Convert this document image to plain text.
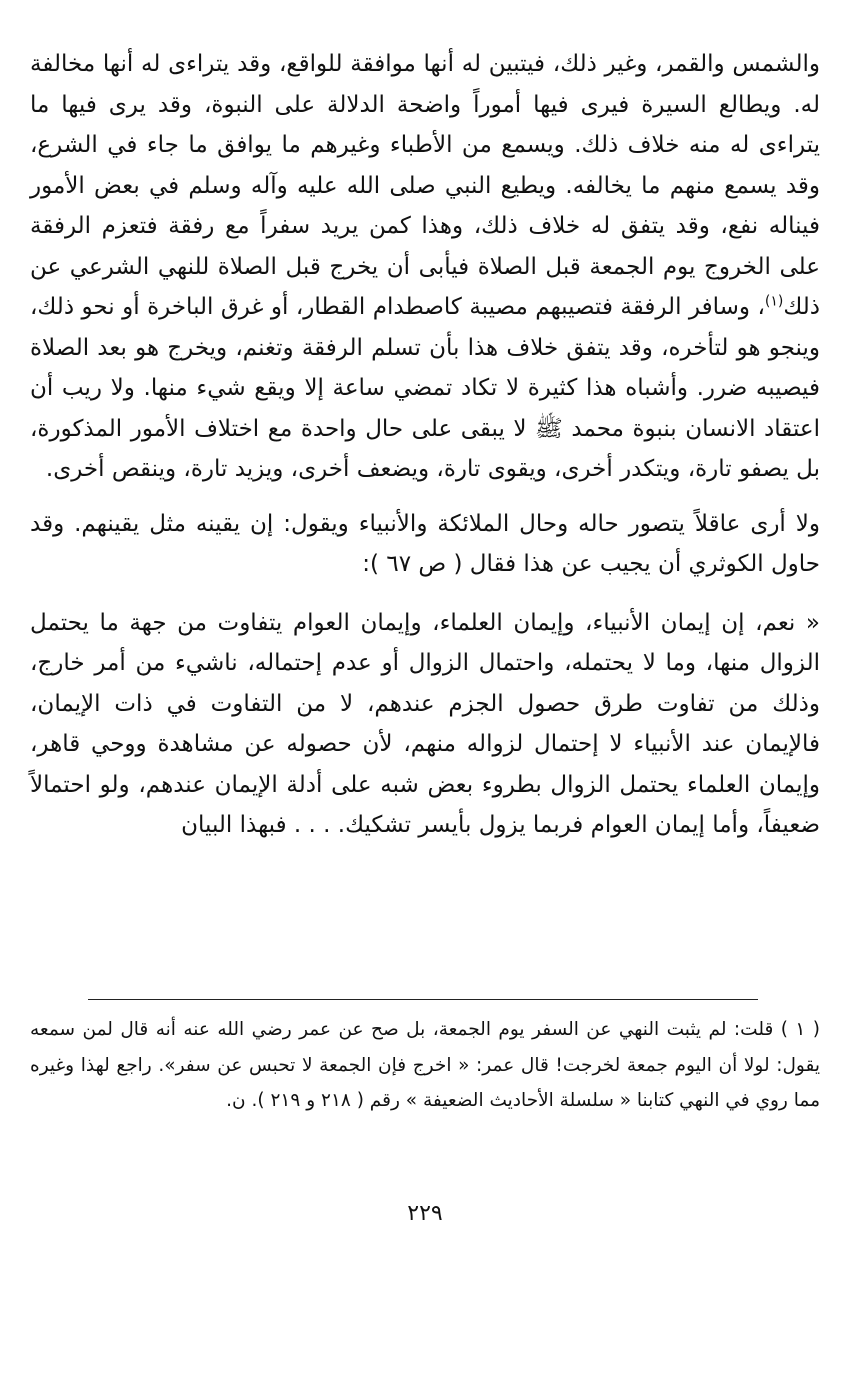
والشمس والقمر، وغير ذلك، فيتبين له أنها موافقة للواقع، وقد يتراءى له أنها مخالفة له. ويطالع السيرة فيرى فيها أموراً واضحة الدلالة على النبوة، وقد يرى فيها ما يتراءى له منه خلاف ذلك. ويسمع من الأطباء وغيرهم ما يوافق ما جاء في الشرع، وقد يسمع منهم ما يخالفه. ويطيع النبي صلى الله عليه وآله وسلم في بعض الأمور فيناله نفع، وقد يتفق له خلاف ذلك، وهذا كمن يريد سفراً مع رفقة فتعزم الرفقة على الخروج يوم الجمعة قبل الصلاة فيأبى أن يخرج قبل الصلاة للنهي الشرعي عن ذلك$^{(١)}$، وسافر الرفقة فتصيبهم مصيبة كاصطدام القطار، أو غرق الباخرة أو نحو ذلك، وينجو هو لتأخره، وقد يتفق خلاف هذا بأن تسلم الرفقة وتغنم، ويخرج هو بعد الصلاة فيصيبه ضرر. وأشباه هذا كثيرة لا تكاد تمضي ساعة إلا ويقع شيء منها. ولا ريب أن اعتقاد الانسان بنبوة محمد ﷺ لا يبقى على حال واحدة مع اختلاف الأمور المذكورة، بل يصفو تارة، ويتكدر أخرى، ويقوى تارة، ويضعف أخرى، ويزيد تارة، وينقص أخرى.

ولا أرى عاقلاً يتصور حاله وحال الملائكة والأنبياء ويقول: إن يقينه مثل يقينهم. وقد حاول الكوثري أن يجيب عن هذا فقال ( ص ٦٧ ):

« نعم، إن إيمان الأنبياء، وإيمان العلماء، وإيمان العوام يتفاوت من جهة ما يحتمل الزوال منها، وما لا يحتمله، واحتمال الزوال أو عدم إحتماله، ناشيء من أمر خارج، وذلك من تفاوت طرق حصول الجزم عندهم، لا من التفاوت في ذات الإيمان، فالإيمان عند الأنبياء لا إحتمال لزواله منهم، لأن حصوله عن مشاهدة ووحي قاهر، وإيمان العلماء يحتمل الزوال بطروء بعض شبه على أدلة الإيمان عندهم، ولو احتمالاً ضعيفاً، وأما إيمان العوام فربما يزول بأيسر تشكيك. . . . فبهذا البيان

( ١ ) قلت: لم يثبت النهي عن السفر يوم الجمعة، بل صح عن عمر رضي الله عنه أنه قال لمن سمعه يقول: لولا أن اليوم جمعة لخرجت! قال عمر: « اخرج فإن الجمعة لا تحبس عن سفر». راجع لهذا وغيره مما روي في النهي كتابنا « سلسلة الأحاديث الضعيفة » رقم ( ٢١٨ و ٢١٩ ). ن.

٢٢٩
